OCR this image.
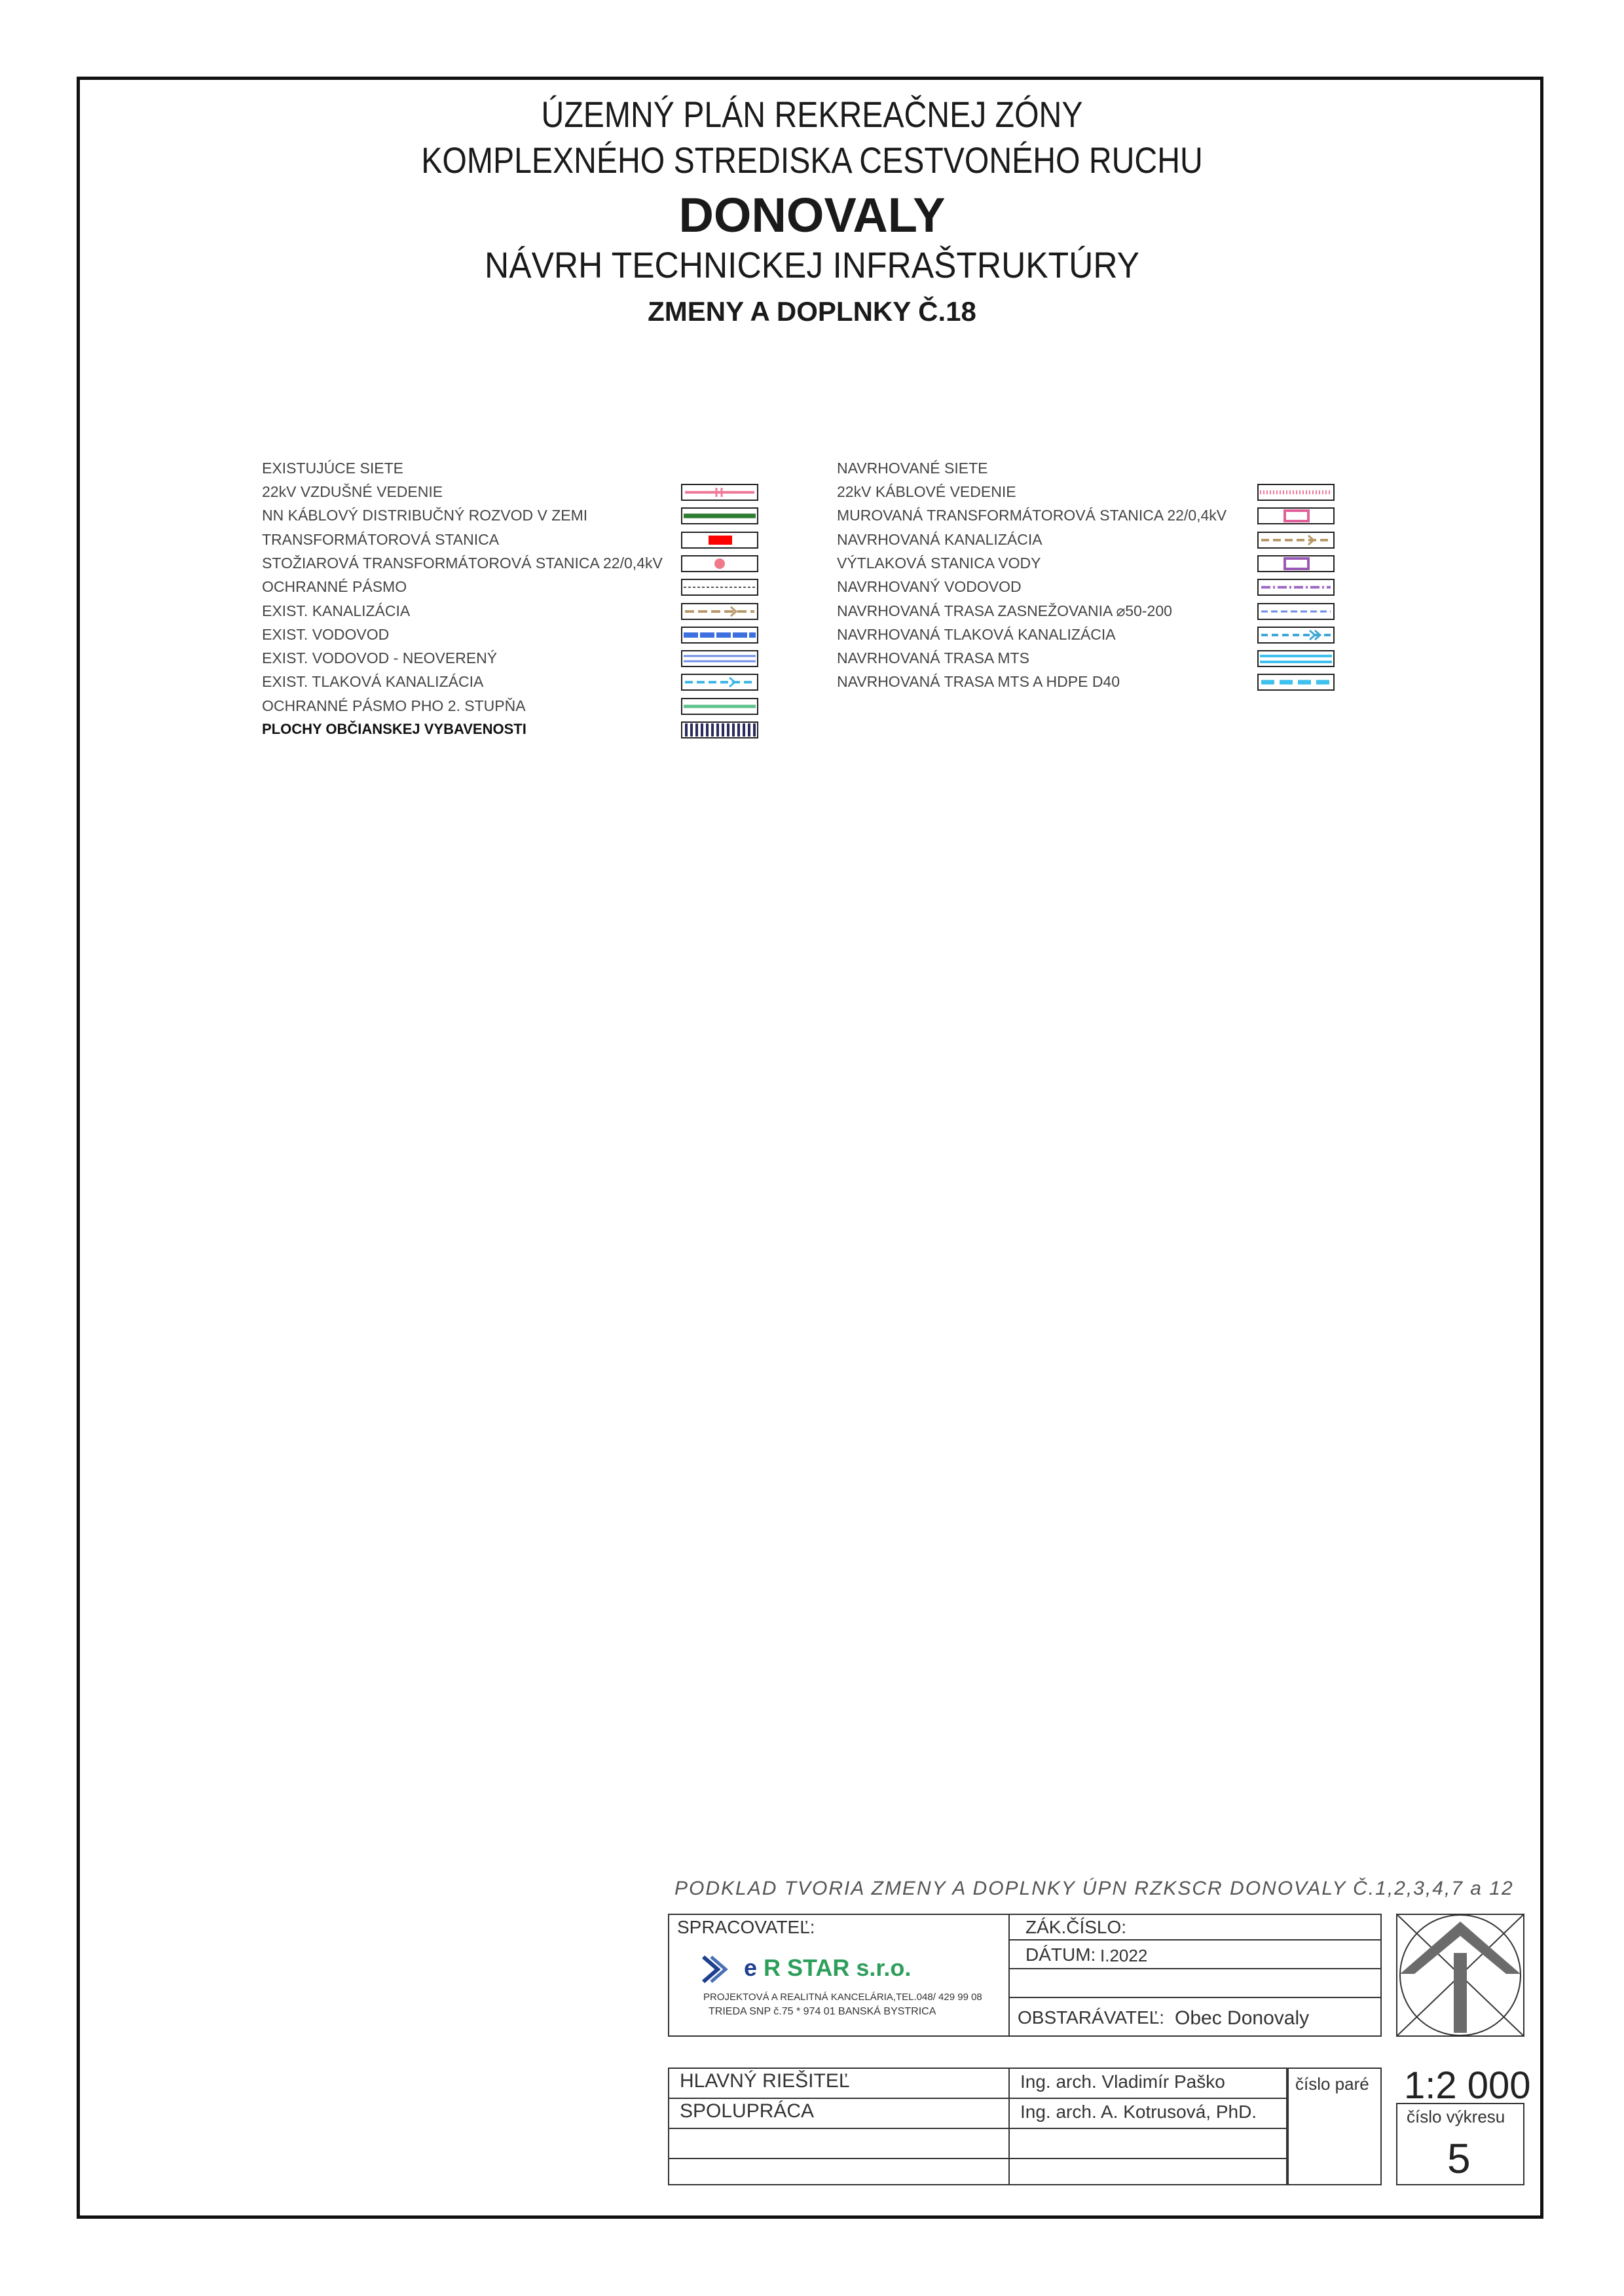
ÚZEMNÝ PLÁN REKREAČNEJ ZÓNY
KOMPLEXNÉHO STREDISKA CESTVONÉHO RUCHU
DONOVALY
NÁVRH TECHNICKEJ INFRAŠTRUKTÚRY
ZMENY A DOPLNKY Č.18
EXISTUJÚCE SIETE
22kV VZDUŠNÉ VEDENIE
NN KÁBLOVÝ DISTRIBUČNÝ ROZVOD V ZEMI
TRANSFORMÁTOROVÁ STANICA
STOŽIAROVÁ TRANSFORMÁTOROVÁ STANICA 22/0,4kV
OCHRANNÉ PÁSMO
EXIST. KANALIZÁCIA
EXIST. VODOVOD
EXIST. VODOVOD - NEOVERENÝ
EXIST. TLAKOVÁ KANALIZÁCIA
OCHRANNÉ PÁSMO PHO 2. STUPŇA
PLOCHY OBČIANSKEJ VYBAVENOSTI
NAVRHOVANÉ SIETE
22kV KÁBLOVÉ VEDENIE
MUROVANÁ TRANSFORMÁTOROVÁ STANICA 22/0,4kV
NAVRHOVANÁ KANALIZÁCIA
VÝTLAKOVÁ STANICA VODY
NAVRHOVANÝ VODOVOD
NAVRHOVANÁ TRASA ZASNEŽOVANIA ⌀50-200
NAVRHOVANÁ TLAKOVÁ KANALIZÁCIA
NAVRHOVANÁ TRASA MTS
NAVRHOVANÁ TRASA MTS A HDPE D40
PODKLAD TVORIA ZMENY A DOPLNKY ÚPN RZKSCR DONOVALY Č.1,2,3,4,7 a 12
SPRACOVATEĽ:
e R STAR s.r.o.
PROJEKTOVÁ A REALITNÁ KANCELÁRIA,TEL.048/ 429 99 08
TRIEDA SNP č.75 * 974 01 BANSKÁ BYSTRICA
ZÁK.ČÍSLO:
DÁTUM: I.2022
OBSTARÁVATEĽ: Obec Donovaly
HLAVNÝ RIEŠITEĽ	Ing. arch. Vladimír Paško
SPOLUPRÁCA	Ing. arch. A. Kotrusová, PhD.
číslo paré 1:2 000
číslo výkresu
5
